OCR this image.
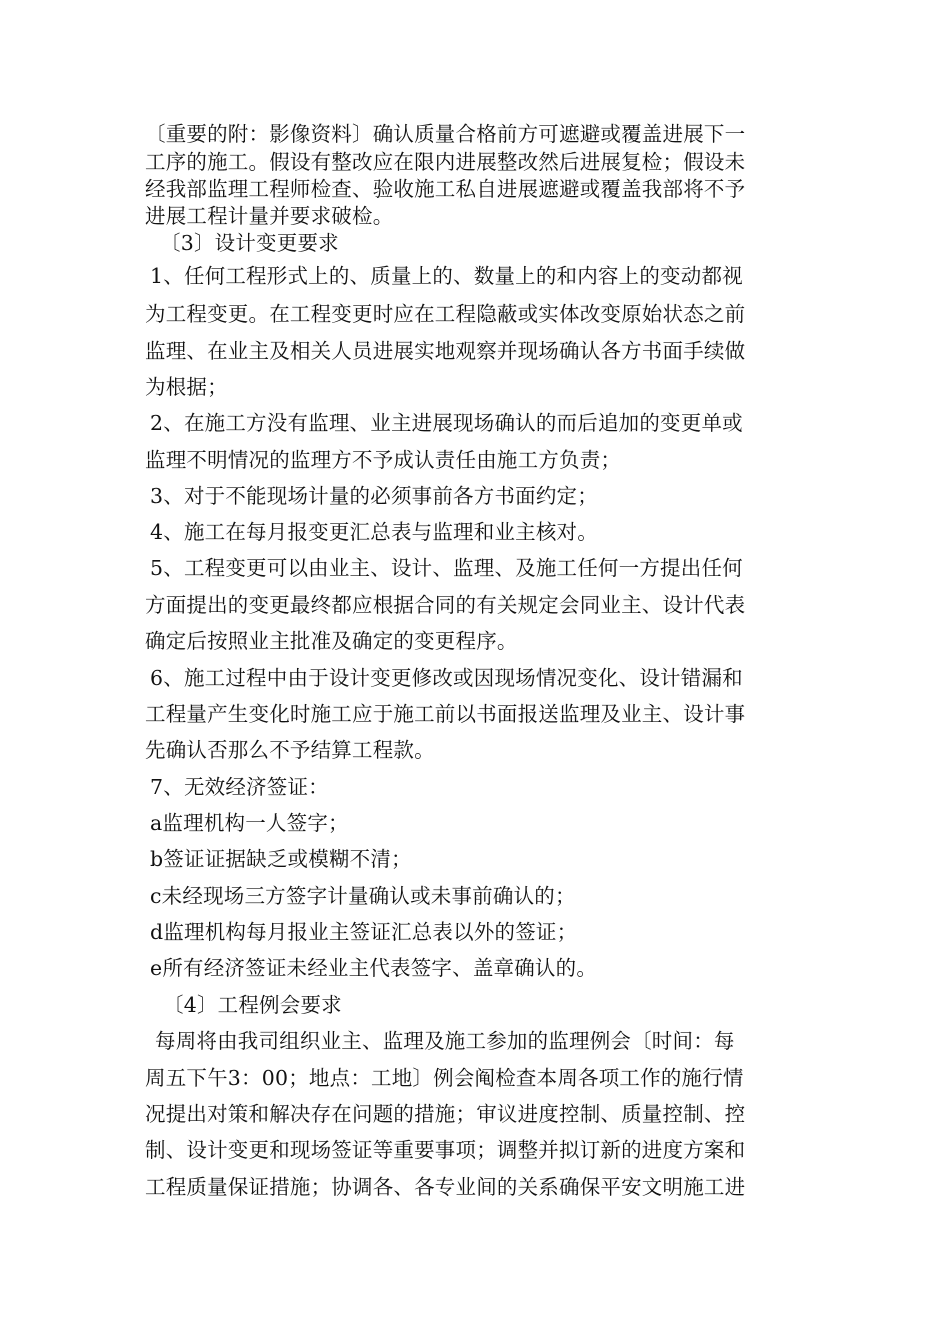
〔重要的附：影像资料〕确认质量合格前方可遮避或覆盖进展下一
工序的施工。假设有整改应在限内进展整改然后进展复检；假设未
经我部监理工程师检查、验收施工私自进展遮避或覆盖我部将不予
进展工程计量并要求破检。
〔3〕设计变更要求
1、任何工程形式上的、质量上的、数量上的和内容上的变动都视
为工程变更。在工程变更时应在工程隐蔽或实体改变原始状态之前
监理、在业主及相关人员进展实地观察并现场确认各方书面手续做
为根据；
2、在施工方没有监理、业主进展现场确认的而后追加的变更单或
监理不明情况的监理方不予成认责任由施工方负责；
3、对于不能现场计量的必须事前各方书面约定；
4、施工在每月报变更汇总表与监理和业主核对。
5、工程变更可以由业主、设计、监理、及施工任何一方提出任何
方面提出的变更最终都应根据合同的有关规定会同业主、设计代表
确定后按照业主批准及确定的变更程序。
6、施工过程中由于设计变更修改或因现场情况变化、设计错漏和
工程量产生变化时施工应于施工前以书面报送监理及业主、设计事
先确认否那么不予结算工程款。
7、无效经济签证：
a监理机构一人签字；
b签证证据缺乏或模糊不清；
c未经现场三方签字计量确认或未事前确认的；
d监理机构每月报业主签证汇总表以外的签证；
e所有经济签证未经业主代表签字、盖章确认的。
〔4〕工程例会要求
每周将由我司组织业主、监理及施工参加的监理例会〔时间：每
周五下午3：00；地点：工地〕例会阄检查本周各项工作的施行情
况提出对策和解决存在问题的措施；审议进度控制、质量控制、控
制、设计变更和现场签证等重要事项；调整并拟订新的进度方案和
工程质量保证措施；协调各、各专业间的关系确保平安文明施工进
